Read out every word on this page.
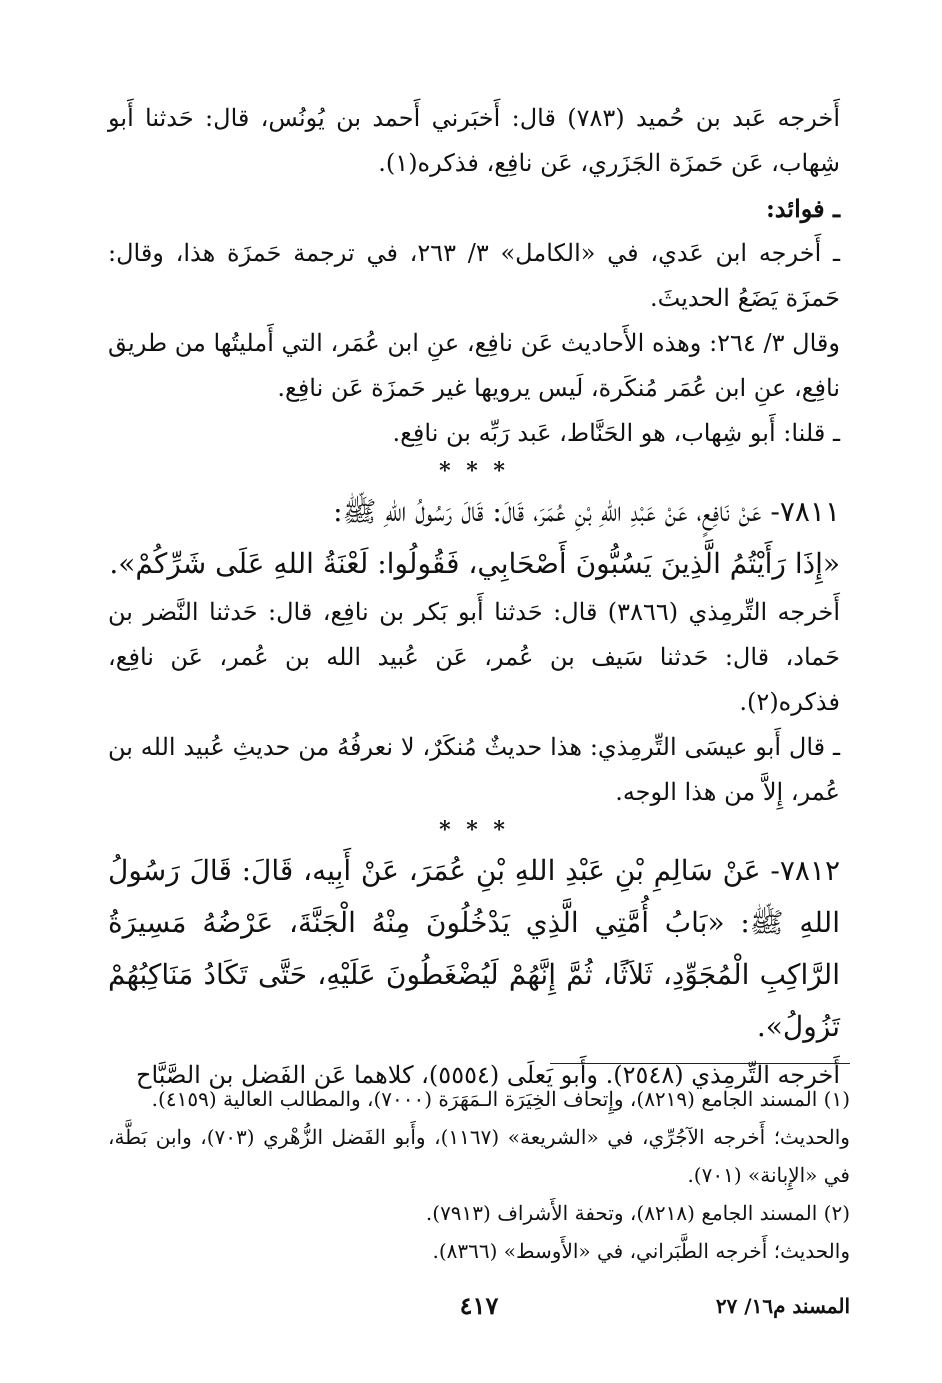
أَخرجه عَبد بن حُميد (٧٨٣) قال: أَخبَرني أَحمد بن يُونُس، قال: حَدثنا أَبو شِهاب، عَن حَمزَة الجَزَري، عَن نافِع، فذكره(١).
ـ فوائد:
ـ أَخرجه ابن عَدي، في «الكامل» ٣/ ٢٦٣، في ترجمة حَمزَة هذا، وقال: حَمزَة يَضَعُ الحديثَ.
وقال ٣/ ٢٦٤: وهذه الأَحاديث عَن نافِع، عنِ ابن عُمَر، التي أَمليتُها من طريق نافِع، عنِ ابن عُمَر مُنكَرة، لَيس يرويها غير حَمزَة عَن نافِع.
ـ قلنا: أَبو شِهاب، هو الحَنَّاط، عَبد رَبِّه بن نافِع.
* * *
٧٨١١- عَنْ نَافِعٍ، عَنْ عَبْدِ اللهِ بْنِ عُمَرَ، قَالَ: قَالَ رَسُولُ اللهِ ﷺ:
«إِذَا رَأَيْتُمُ الَّذِينَ يَسُبُّونَ أَصْحَابِي، فَقُولُوا: لَعْنَةُ اللهِ عَلَى شَرِّكُمْ».
أَخرجه التِّرمِذي (٣٨٦٦) قال: حَدثنا أَبو بَكر بن نافِع، قال: حَدثنا النَّضر بن حَماد، قال: حَدثنا سَيف بن عُمر، عَن عُبيد الله بن عُمر، عَن نافِع، فذكره(٢).
ـ قال أَبو عيسَى التِّرمِذي: هذا حديثٌ مُنكَرٌ، لا نعرفُهُ من حديثِ عُبيد الله بن عُمر، إِلاَّ من هذا الوجه.
* * *
٧٨١٢- عَنْ سَالِمِ بْنِ عَبْدِ اللهِ بْنِ عُمَرَ، عَنْ أَبِيه، قَالَ: قَالَ رَسُولُ اللهِ ﷺ: «بَابُ أُمَّتِي الَّذِي يَدْخُلُونَ مِنْهُ الْجَنَّةَ، عَرْضُهُ مَسِيرَةُ الرَّاكِبِ الْمُجَوِّدِ، ثَلاَثًا، ثُمَّ إِنَّهُمْ لَيُضْغَطُونَ عَلَيْهِ، حَتَّى تَكَادُ مَنَاكِبُهُمْ تَزُولُ».
أَخرجه التِّرمِذي (٢٥٤٨). وأَبو يَعلَى (٥٥٥٤)، كلاهما عَن الفَضل بن الصَّبَّاح
(١) المسند الجامع (٨٢١٩)، وإِتحاف الخِيَرَة الـمَهَرَة (٧٠٠٠)، والمطالب العالية (٤١٥٩).
والحديث؛ أَخرجه الآجُرِّي، في «الشريعة» (١١٦٧)، وأَبو الفَضل الزُّهْري (٧٠٣)، وابن بَطَّة، في «الإِبانة» (٧٠١).
(٢) المسند الجامع (٨٢١٨)، وتحفة الأَشراف (٧٩١٣).
والحديث؛ أَخرجه الطَّبَراني، في «الأَوسط» (٨٣٦٦).
المسند م١٦/ ٢٧
٤١٧
